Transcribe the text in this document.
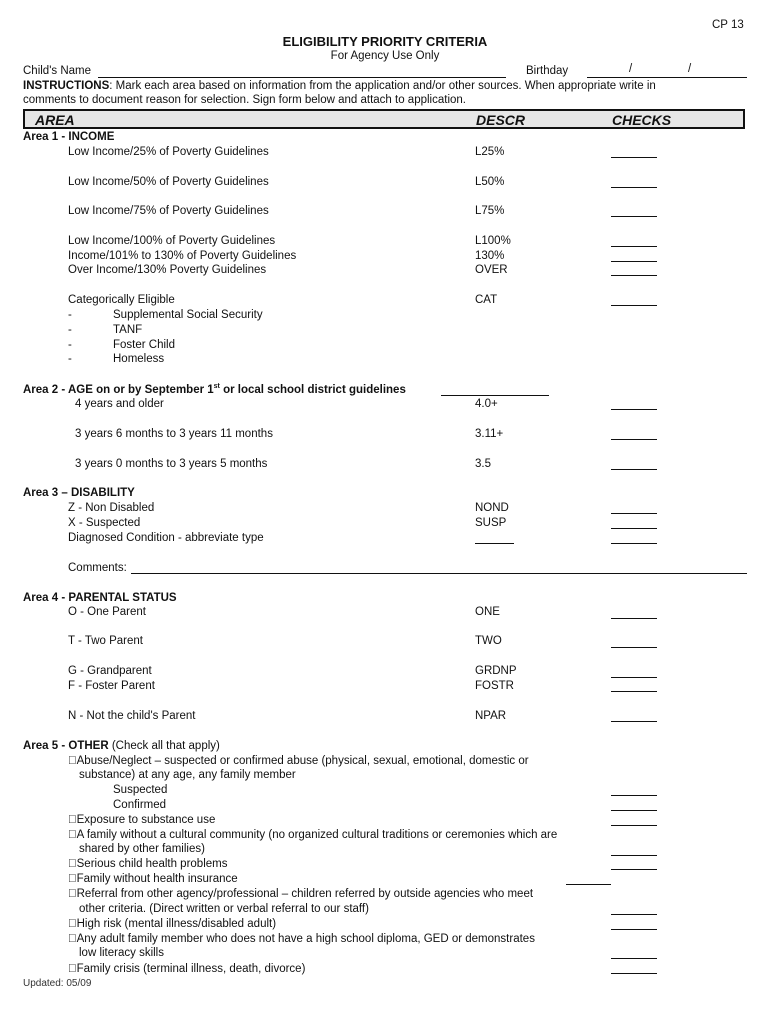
CP 13
ELIGIBILITY PRIORITY CRITERIA
For Agency Use Only
Child's Name	Birthday	/	/
INSTRUCTIONS: Mark each area based on information from the application and/or other sources. When appropriate write in
comments to document reason for selection. Sign form below and attach to application.
AREA	DESCR	CHECKS
Area 1 - INCOME
Low Income/25% of Poverty Guidelines	L25%
Low Income/50% of Poverty Guidelines	L50%
Low Income/75% of Poverty Guidelines	L75%
Low Income/100% of Poverty Guidelines	L100%
Income/101% to 130% of Poverty Guidelines	130%
Over Income/130% Poverty Guidelines	OVER
Categorically Eligible	CAT
-	Supplemental Social Security
-	TANF
-	Foster Child
-	Homeless
Area 2 - AGE on or by September 1st or local school district guidelines
4 years and older	4.0+
3 years 6 months to 3 years 11 months	3.11+
3 years 0 months to 3 years 5 months	3.5
Area 3 – DISABILITY
Z - Non Disabled	NOND
X - Suspected	SUSP
Diagnosed Condition - abbreviate type
Comments:
Area 4 - PARENTAL STATUS
O - One Parent	ONE
T - Two Parent	TWO
G - Grandparent	GRDNP
F - Foster Parent	FOSTR
N - Not the child's Parent	NPAR
Area 5 - OTHER (Check all that apply)
Abuse/Neglect – suspected or confirmed abuse (physical, sexual, emotional, domestic or
substance) at any age, any family member
Suspected
Confirmed
Exposure to substance use
A family without a cultural community (no organized cultural traditions or ceremonies which are
shared by other families)
Serious child health problems
Family without health insurance
Referral from other agency/professional – children referred by outside agencies who meet
other criteria. (Direct written or verbal referral to our staff)
High risk (mental illness/disabled adult)
Any adult family member who does not have a high school diploma, GED or demonstrates
low literacy skills
Family crisis (terminal illness, death, divorce)
Updated: 05/09
